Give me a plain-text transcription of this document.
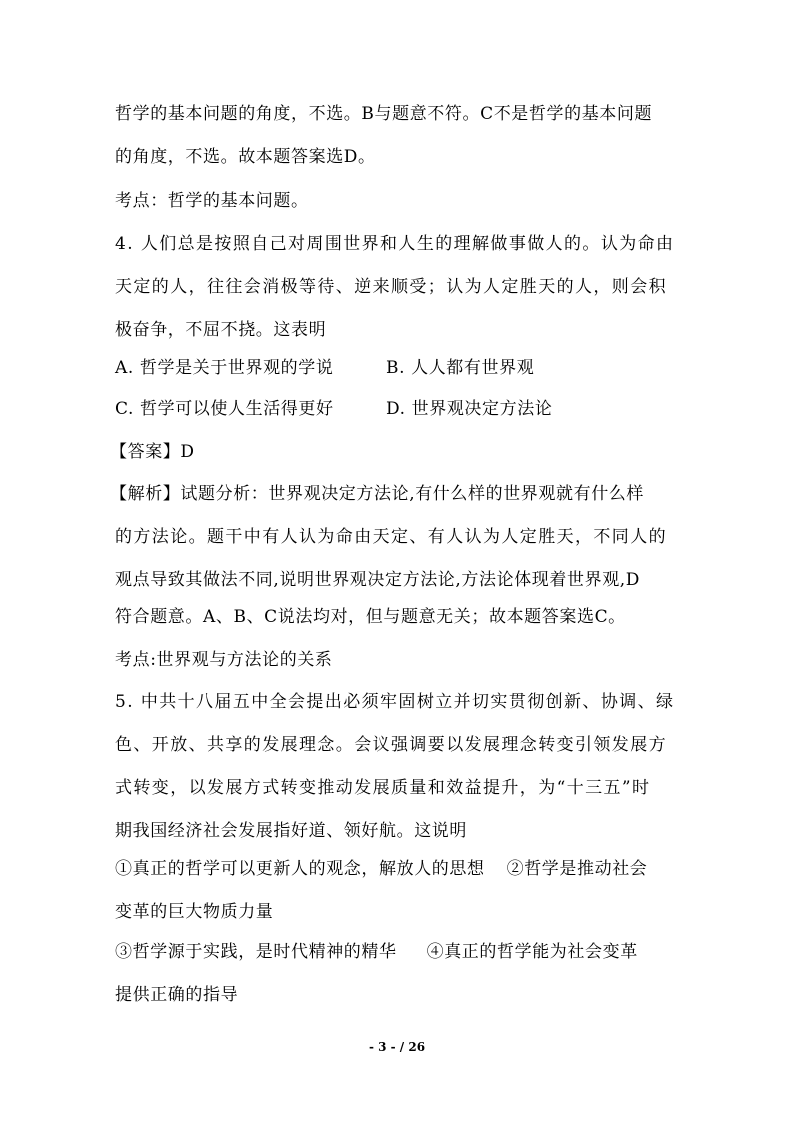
哲学的基本问题的角度，不选。B与题意不符。C不是哲学的基本问题
的角度，不选。故本题答案选D。
考点：哲学的基本问题。
4. 人们总是按照自己对周围世界和人生的理解做事做人的。认为命由
天定的人，往往会消极等待、逆来顺受；认为人定胜天的人，则会积
极奋争，不屈不挠。这表明
A. 哲学是关于世界观的学说	B. 人人都有世界观
C. 哲学可以使人生活得更好	D. 世界观决定方法论
【答案】D
【解析】试题分析：世界观决定方法论,有什么样的世界观就有什么样
的方法论。题干中有人认为命由天定、有人认为人定胜天，不同人的
观点导致其做法不同,说明世界观决定方法论,方法论体现着世界观,D
符合题意。A、B、C说法均对，但与题意无关；故本题答案选C。
考点:世界观与方法论的关系
5. 中共十八届五中全会提出必须牢固树立并切实贯彻创新、协调、绿
色、开放、共享的发展理念。会议强调要以发展理念转变引领发展方
式转变，以发展方式转变推动发展质量和效益提升，为“十三五”时
期我国经济社会发展指好道、领好航。这说明
①真正的哲学可以更新人的观念，解放人的思想 ②哲学是推动社会
变革的巨大物质力量
③哲学源于实践，是时代精神的精华 ④真正的哲学能为社会变革
提供正确的指导
- 3 - / 26
